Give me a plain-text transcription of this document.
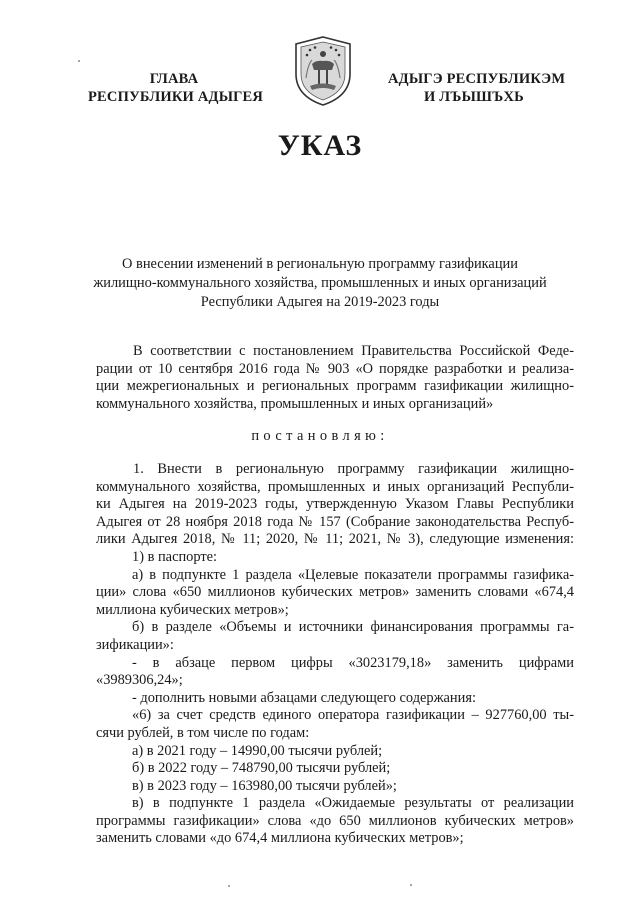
ГЛАВА
РЕСПУБЛИКИ АДЫГЕЯ
АДЫГЭ РЕСПУБЛИКЭМ
И ЛЪЫШЪХЬ
УКАЗ
О внесении изменений в региональную программу газификации
жилищно-коммунального хозяйства, промышленных и иных организаций
Республики Адыгея на 2019-2023 годы
В соответствии с постановлением Правительства Российской Феде-
рации от 10 сентября 2016 года № 903 «О порядке разработки и реализа-
ции межрегиональных и региональных программ газификации жилищно-
коммунального хозяйства, промышленных и иных организаций»
постановляю:
1. Внести в региональную программу газификации жилищно-
коммунального хозяйства, промышленных и иных организаций Республи-
ки Адыгея на 2019-2023 годы, утвержденную Указом Главы Республики
Адыгея от 28 ноября 2018 года № 157 (Собрание законодательства Респуб-
лики Адыгея 2018, № 11; 2020, № 11; 2021, № 3), следующие изменения:
1) в паспорте:
а) в подпункте 1 раздела «Целевые показатели программы газифика-
ции» слова «650 миллионов кубических метров» заменить словами «674,4
миллиона кубических метров»;
б) в разделе «Объемы и источники финансирования программы га-
зификации»:
- в абзаце первом цифры «3023179,18» заменить цифрами
«3989306,24»;
- дополнить новыми абзацами следующего содержания:
«6) за счет средств единого оператора газификации – 927760,00 ты-
сячи рублей, в том числе по годам:
а) в 2021 году – 14990,00 тысячи рублей;
б) в 2022 году – 748790,00 тысячи рублей;
в) в 2023 году – 163980,00 тысячи рублей»;
в) в подпункте 1 раздела «Ожидаемые результаты от реализации
программы газификации» слова «до 650 миллионов кубических метров»
заменить словами «до 674,4 миллиона кубических метров»;
